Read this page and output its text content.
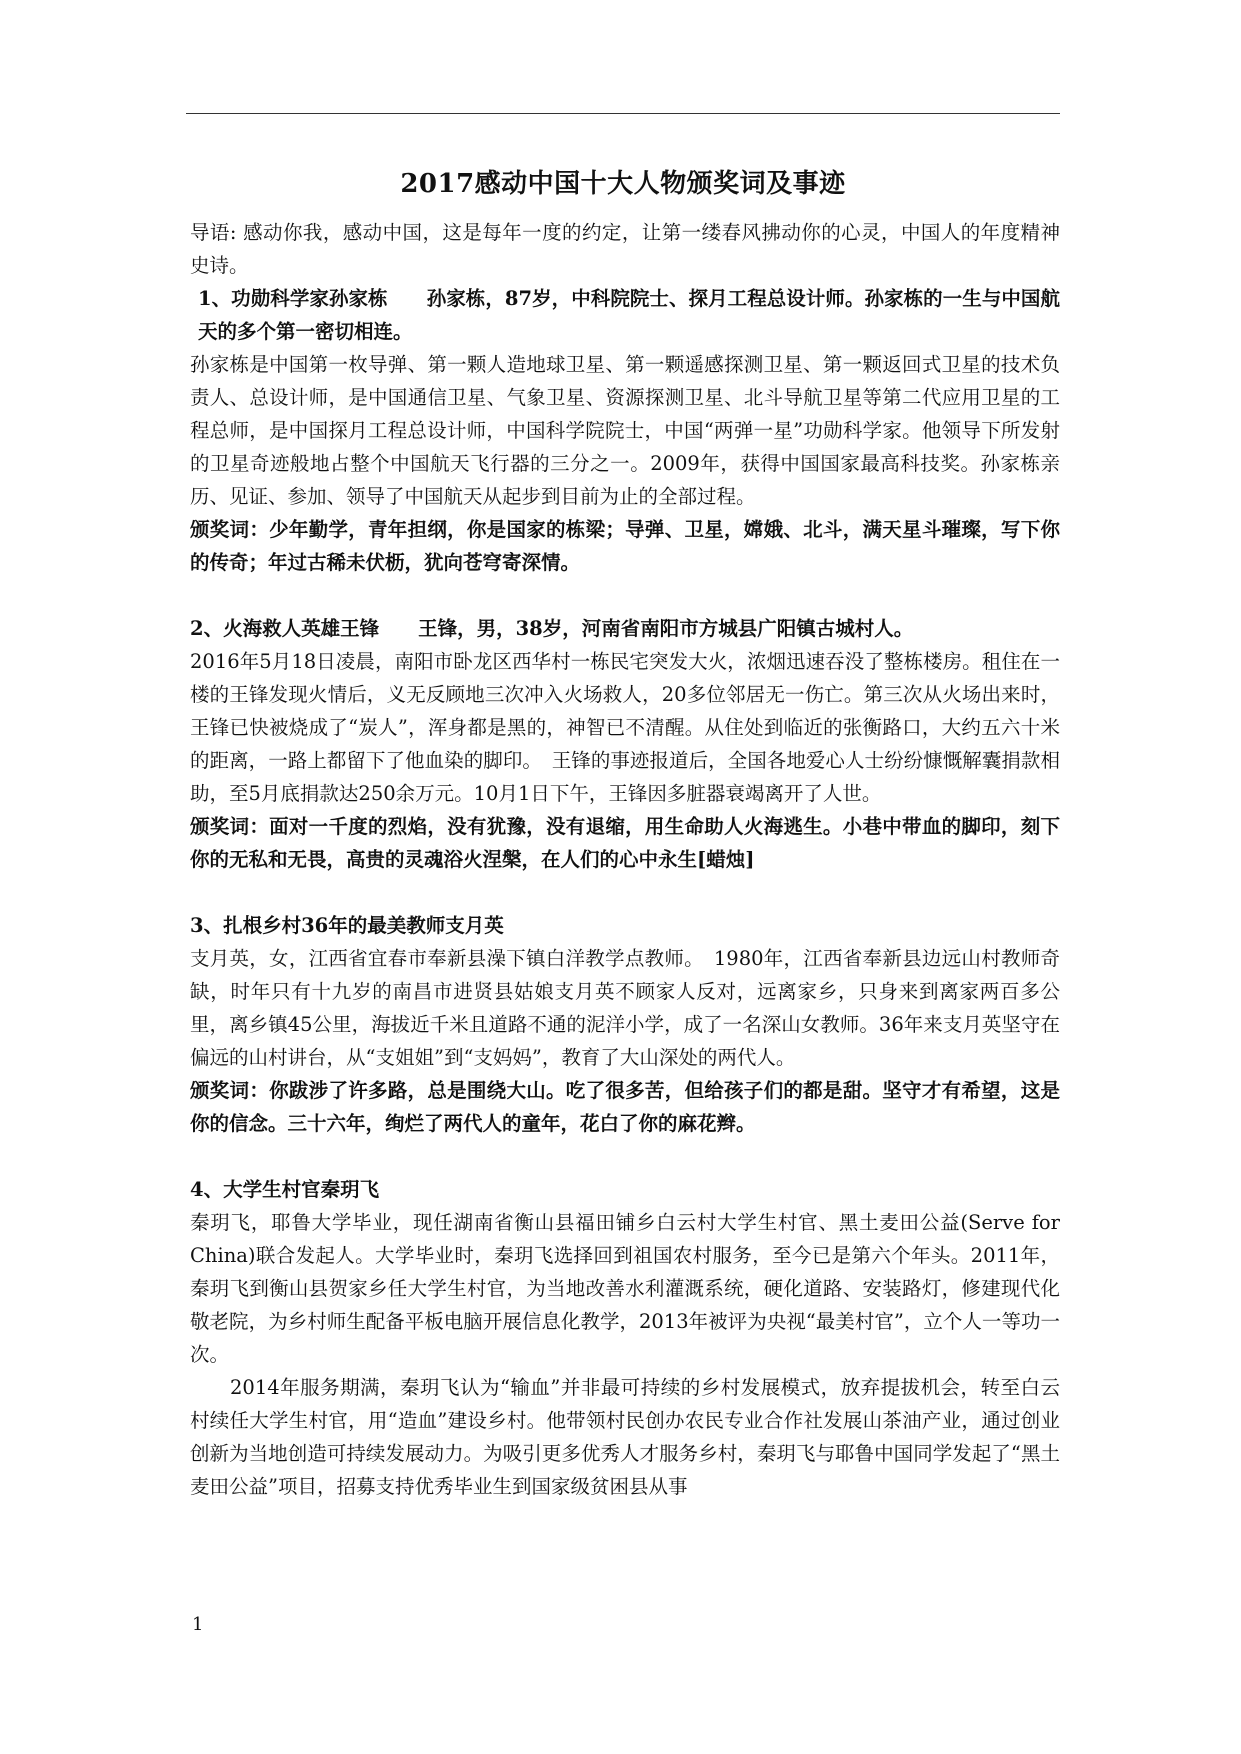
2017感动中国十大人物颁奖词及事迹

导语: 感动你我，感动中国，这是每年一度的约定，让第一缕春风拂动你的心灵，中国人的年度精神史诗。

1、功勋科学家孙家栋　　孙家栋，87岁，中科院院士、探月工程总设计师。孙家栋的一生与中国航天的多个第一密切相连。

孙家栋是中国第一枚导弹、第一颗人造地球卫星、第一颗遥感探测卫星、第一颗返回式卫星的技术负责人、总设计师，是中国通信卫星、气象卫星、资源探测卫星、北斗导航卫星等第二代应用卫星的工程总师，是中国探月工程总设计师，中国科学院院士，中国“两弹一星”功勋科学家。他领导下所发射的卫星奇迹般地占整个中国航天飞行器的三分之一。2009年，获得中国国家最高科技奖。孙家栋亲历、见证、参加、领导了中国航天从起步到目前为止的全部过程。

颁奖词：少年勤学，青年担纲，你是国家的栋梁；导弹、卫星，嫦娥、北斗，满天星斗璀璨，写下你的传奇；年过古稀未伏枥，犹向苍穹寄深情。

2、火海救人英雄王锋　　王锋，男，38岁，河南省南阳市方城县广阳镇古城村人。

2016年5月18日凌晨，南阳市卧龙区西华村一栋民宅突发大火，浓烟迅速吞没了整栋楼房。租住在一楼的王锋发现火情后，义无反顾地三次冲入火场救人，20多位邻居无一伤亡。第三次从火场出来时，王锋已快被烧成了“炭人”，浑身都是黑的，神智已不清醒。从住处到临近的张衡路口，大约五六十米的距离，一路上都留下了他血染的脚印。　王锋的事迹报道后，全国各地爱心人士纷纷慷慨解囊捐款相助，至5月底捐款达250余万元。10月1日下午，王锋因多脏器衰竭离开了人世。

颁奖词：面对一千度的烈焰，没有犹豫，没有退缩，用生命助人火海逃生。小巷中带血的脚印，刻下你的无私和无畏，高贵的灵魂浴火涅槃，在人们的心中永生[蜡烛]

3、扎根乡村36年的最美教师支月英

支月英，女，江西省宜春市奉新县澡下镇白洋教学点教师。　1980年，江西省奉新县边远山村教师奇缺，时年只有十九岁的南昌市进贤县姑娘支月英不顾家人反对，远离家乡，只身来到离家两百多公里，离乡镇45公里，海拔近千米且道路不通的泥洋小学，成了一名深山女教师。36年来支月英坚守在偏远的山村讲台，从“支姐姐”到“支妈妈”，教育了大山深处的两代人。

颁奖词：你跋涉了许多路，总是围绕大山。吃了很多苦，但给孩子们的都是甜。坚守才有希望，这是你的信念。三十六年，绚烂了两代人的童年，花白了你的麻花辫。

4、大学生村官秦玥飞

秦玥飞，耶鲁大学毕业，现任湖南省衡山县福田铺乡白云村大学生村官、黑土麦田公益(Serve for China)联合发起人。大学毕业时，秦玥飞选择回到祖国农村服务，至今已是第六个年头。2011年，秦玥飞到衡山县贺家乡任大学生村官，为当地改善水利灌溉系统，硬化道路、安装路灯，修建现代化敬老院，为乡村师生配备平板电脑开展信息化教学，2013年被评为央视“最美村官”，立个人一等功一次。

2014年服务期满，秦玥飞认为“输血”并非最可持续的乡村发展模式，放弃提拔机会，转至白云村续任大学生村官，用“造血”建设乡村。他带领村民创办农民专业合作社发展山茶油产业，通过创业创新为当地创造可持续发展动力。为吸引更多优秀人才服务乡村，秦玥飞与耶鲁中国同学发起了“黑土麦田公益”项目，招募支持优秀毕业生到国家级贫困县从事

1
